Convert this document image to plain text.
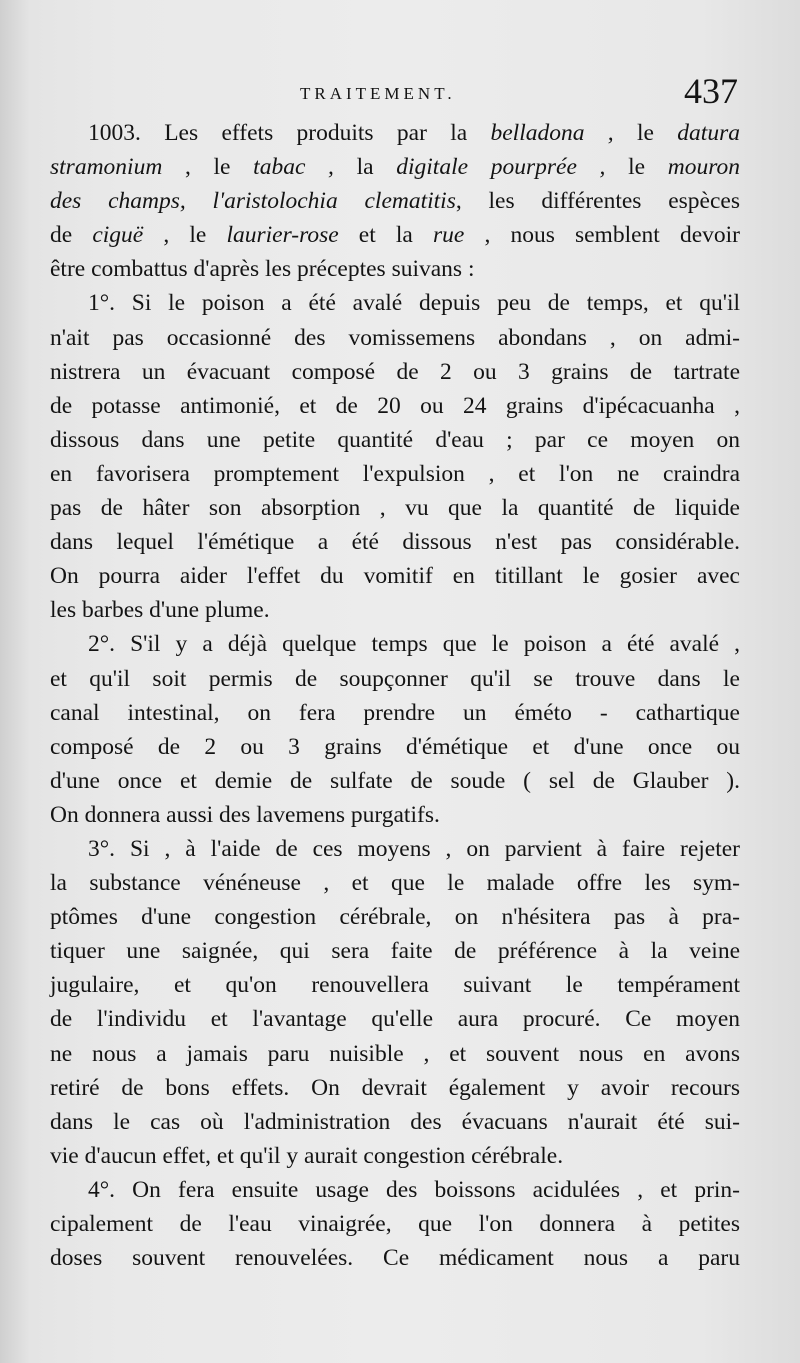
TRAITEMENT.	437
1003. Les effets produits par la belladona , le datura
stramonium , le tabac , la digitale pourprée , le mouron
des champs, l'aristolochia clematitis, les différentes espèces
de ciguë , le laurier-rose et la rue , nous semblent devoir
être combattus d'après les préceptes suivans :
1°. Si le poison a été avalé depuis peu de temps, et qu'il
n'ait pas occasionné des vomissemens abondans , on admi-
nistrera un évacuant composé de 2 ou 3 grains de tartrate
de potasse antimonié, et de 20 ou 24 grains d'ipécacuanha ,
dissous dans une petite quantité d'eau ; par ce moyen on
en favorisera promptement l'expulsion , et l'on ne craindra
pas de hâter son absorption , vu que la quantité de liquide
dans lequel l'émétique a été dissous n'est pas considérable.
On pourra aider l'effet du vomitif en titillant le gosier avec
les barbes d'une plume.
2°. S'il y a déjà quelque temps que le poison a été avalé ,
et qu'il soit permis de soupçonner qu'il se trouve dans le
canal intestinal, on fera prendre un éméto - cathartique
composé de 2 ou 3 grains d'émétique et d'une once ou
d'une once et demie de sulfate de soude ( sel de Glauber ).
On donnera aussi des lavemens purgatifs.
3°. Si , à l'aide de ces moyens , on parvient à faire rejeter
la substance vénéneuse , et que le malade offre les sym-
ptômes d'une congestion cérébrale, on n'hésitera pas à pra-
tiquer une saignée, qui sera faite de préférence à la veine
jugulaire, et qu'on renouvellera suivant le tempérament
de l'individu et l'avantage qu'elle aura procuré. Ce moyen
ne nous a jamais paru nuisible , et souvent nous en avons
retiré de bons effets. On devrait également y avoir recours
dans le cas où l'administration des évacuans n'aurait été sui-
vie d'aucun effet, et qu'il y aurait congestion cérébrale.
4°. On fera ensuite usage des boissons acidulées , et prin-
cipalement de l'eau vinaigrée, que l'on donnera à petites
doses souvent renouvelées. Ce médicament nous a paru
